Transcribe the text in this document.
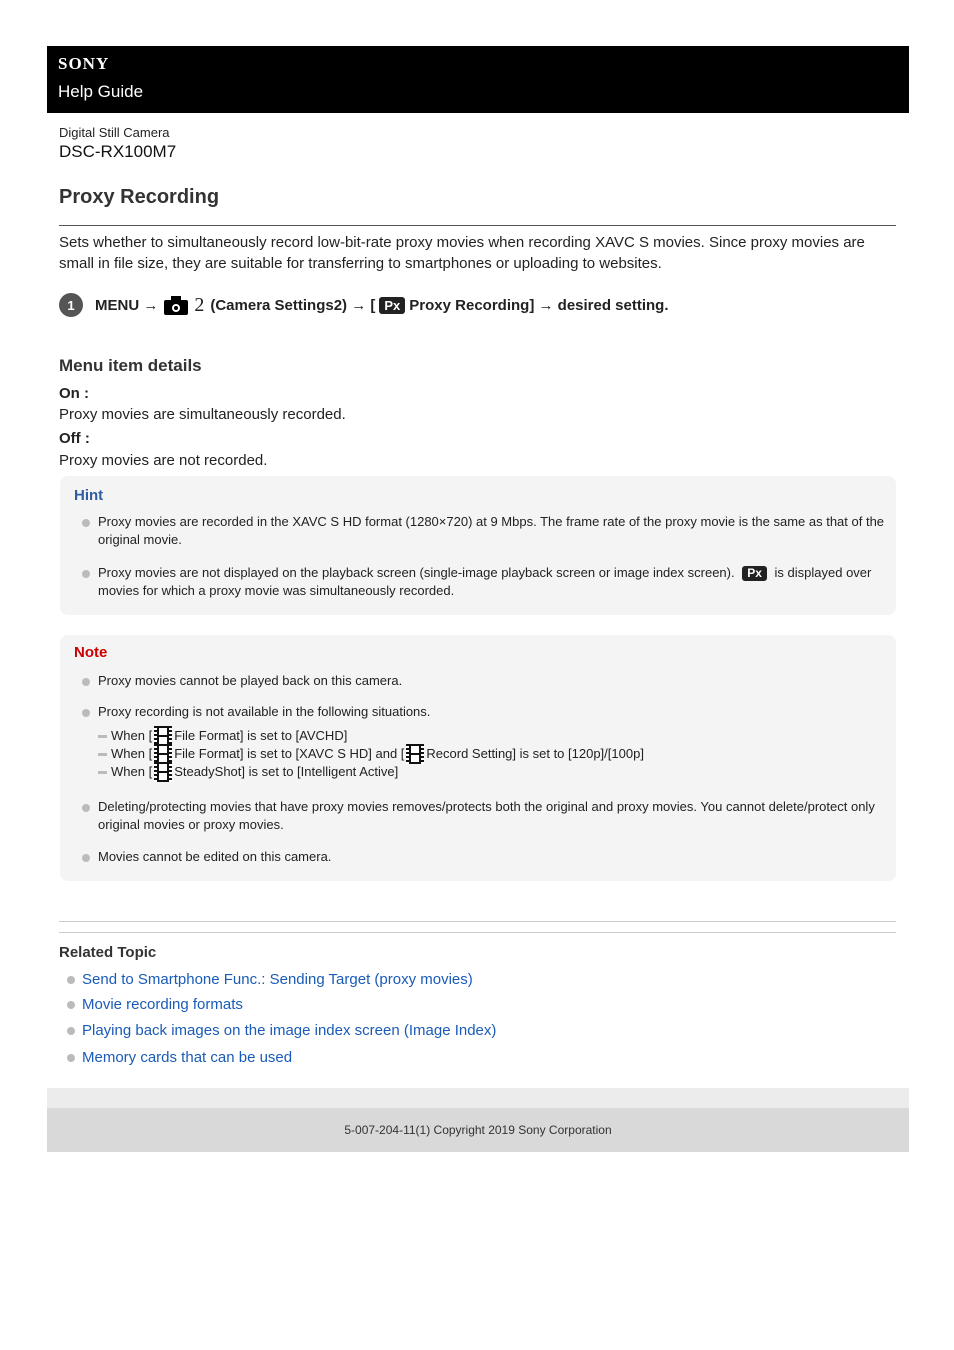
SONY
Help Guide
Digital Still Camera
DSC-RX100M7
Proxy Recording
Sets whether to simultaneously record low-bit-rate proxy movies when recording XAVC S movies. Since proxy movies are small in file size, they are suitable for transferring to smartphones or uploading to websites.
1	MENU → 2 (Camera Settings2) → [ Px Proxy Recording] → desired setting.
Menu item details
On :
Proxy movies are simultaneously recorded.
Off :
Proxy movies are not recorded.
Hint
Proxy movies are recorded in the XAVC S HD format (1280×720) at 9 Mbps. The frame rate of the proxy movie is the same as that of the original movie.
Proxy movies are not displayed on the playback screen (single-image playback screen or image index screen). Px is displayed over movies for which a proxy movie was simultaneously recorded.
Note
Proxy movies cannot be played back on this camera.
Proxy recording is not available in the following situations.
When [ File Format] is set to [AVCHD]
When [ File Format] is set to [XAVC S HD] and [ Record Setting] is set to [120p]/[100p]
When [ SteadyShot] is set to [Intelligent Active]
Deleting/protecting movies that have proxy movies removes/protects both the original and proxy movies. You cannot delete/protect only original movies or proxy movies.
Movies cannot be edited on this camera.
Related Topic
Send to Smartphone Func.: Sending Target (proxy movies)
Movie recording formats
Playing back images on the image index screen (Image Index)
Memory cards that can be used
5-007-204-11(1) Copyright 2019 Sony Corporation
